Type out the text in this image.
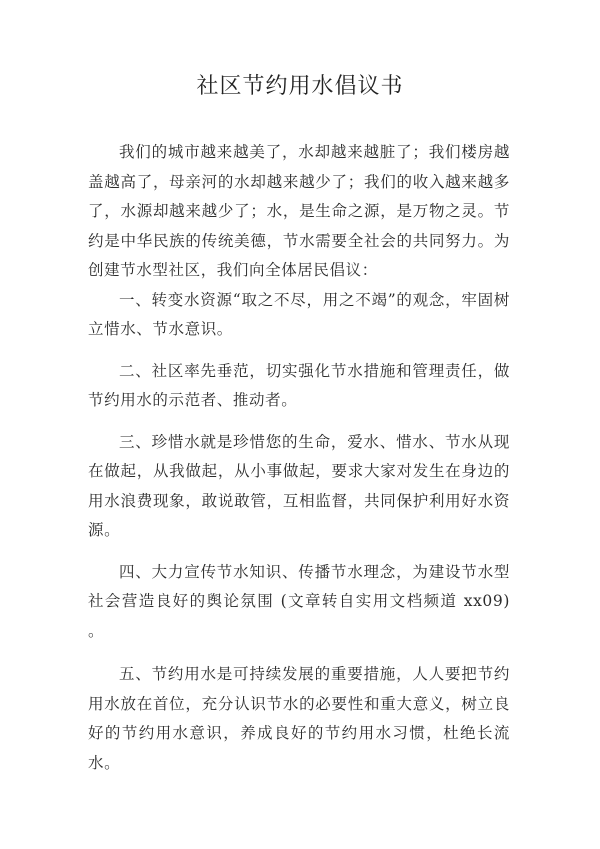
社区节约用水倡议书

我们的城市越来越美了，水却越来越脏了；我们楼房越盖越高了，母亲河的水却越来越少了；我们的收入越来越多了，水源却越来越少了；水，是生命之源，是万物之灵。节约是中华民族的传统美德，节水需要全社会的共同努力。为创建节水型社区，我们向全体居民倡议：

一、转变水资源“取之不尽，用之不竭”的观念，牢固树立惜水、节水意识。

二、社区率先垂范，切实强化节水措施和管理责任，做节约用水的示范者、推动者。

三、珍惜水就是珍惜您的生命，爱水、惜水、节水从现在做起，从我做起，从小事做起，要求大家对发生在身边的用水浪费现象，敢说敢管，互相监督，共同保护利用好水资源。

四、大力宣传节水知识、传播节水理念，为建设节水型社会营造良好的舆论氛围 (文章转自实用文档频道 xx09) 。

五、节约用水是可持续发展的重要措施，人人要把节约用水放在首位，充分认识节水的必要性和重大意义，树立良好的节约用水意识，养成良好的节约用水习惯，杜绝长流水。
